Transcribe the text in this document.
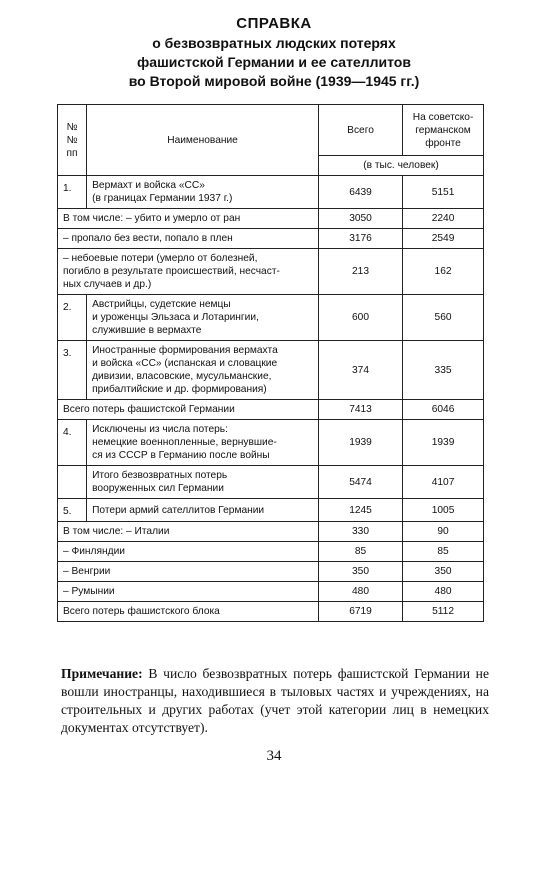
СПРАВКА
о безвозвратных людских потерях
фашистской Германии и ее сателлитов
во Второй мировой войне (1939—1945 гг.)
№ №
пп	Наименование	Всего	На советско-
германском
фронте
		(в тыс. человек)	
1.	Вермахт и войска «СС»
(в границах Германии 1937 г.)	6439	5151
В том числе: – убито и умерло от ран		3050	2240
– пропало без вести, попало в плен		3176	2549
– небоевые потери (умерло от болезней,
погибло в результате происшествий, несчаст-
ных случаев и др.)		213	162
2.	Австрийцы, судетские немцы
и уроженцы Эльзаса и Лотарингии,
служившие в вермахте	600	560
3.	Иностранные формирования вермахта
и войска «СС» (испанская и словацкие
дивизии, власовские, мусульманские,
прибалтийские и др. формирования)	374	335
Всего потерь фашистской Германии		7413	6046
4.	Исключены из числа потерь:
немецкие военнопленные, вернувшие-
ся из СССР в Германию после войны	1939	1939
	Итого безвозвратных потерь
вооруженных сил Германии	5474	4107
5.	Потери армий сателлитов Германии	1245	1005
В том числе: – Италии		330	90
– Финляндии		85	85
– Венгрии		350	350
– Румынии		480	480
Всего потерь фашистского блока		6719	5112
Примечание: В число безвозвратных потерь фашистской Германии не вошли иностранцы, находившиеся в тыловых частях и учреждениях, на строительных и других работах (учет этой категории лиц в немецких документах отсутствует).
34
